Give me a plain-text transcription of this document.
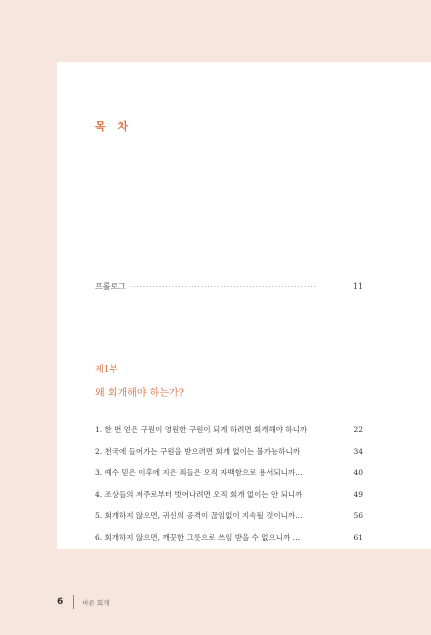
목 차
프롤로그 ··························································	11
제1부
왜 회개해야 하는가?
1. 한 번 얻은 구원이 영원한 구원이 되게 하려면 회개해야 하니까	22
2. 천국에 들어가는 구원을 받으려면 회개 없이는 불가능하니까	34
3. 예수 믿은 이후에 지은 죄들은 오직 자백함으로 용서되니까…	40
4. 조상들의 저주로부터 벗어나려면 오직 회개 없이는 안 되니까	49
5. 회개하지 않으면, 귀신의 공격이 끊임없이 지속될 것이니까…	56
6. 회개하지 않으면, 깨끗한 그릇으로 쓰임 받을 수 없으니까 …	61
6	바른 회개
